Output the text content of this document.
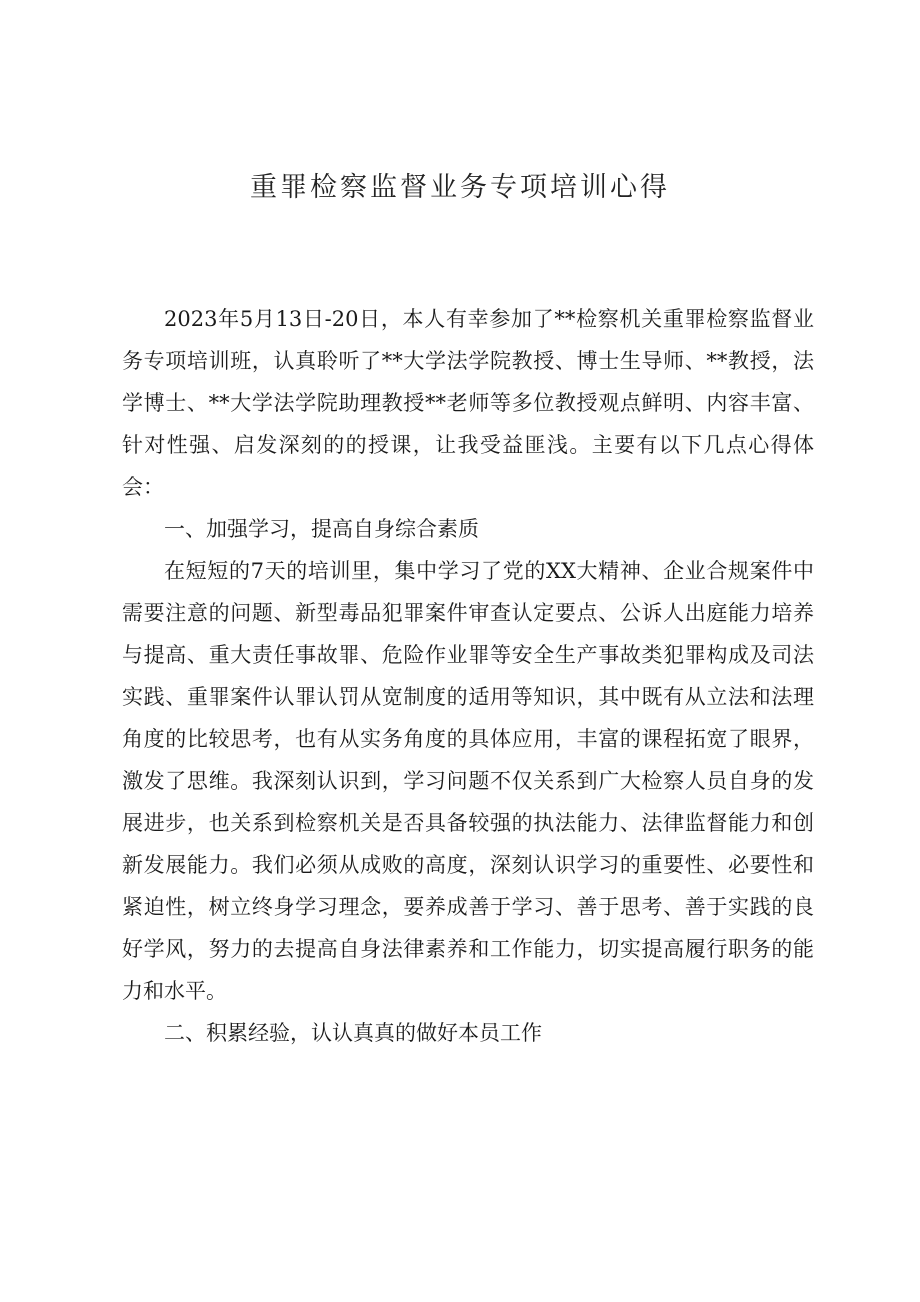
重罪检察监督业务专项培训心得

2023年5月13日-20日，本人有幸参加了**检察机关重罪检察监督业务专项培训班，认真聆听了**大学法学院教授、博士生导师、**教授，法学博士、**大学法学院助理教授**老师等多位教授观点鲜明、内容丰富、针对性强、启发深刻的的授课，让我受益匪浅。主要有以下几点心得体会：

一、加强学习，提高自身综合素质

在短短的7天的培训里，集中学习了党的XX大精神、企业合规案件中需要注意的问题、新型毒品犯罪案件审查认定要点、公诉人出庭能力培养与提高、重大责任事故罪、危险作业罪等安全生产事故类犯罪构成及司法实践、重罪案件认罪认罚从宽制度的适用等知识，其中既有从立法和法理角度的比较思考，也有从实务角度的具体应用，丰富的课程拓宽了眼界，激发了思维。我深刻认识到，学习问题不仅关系到广大检察人员自身的发展进步，也关系到检察机关是否具备较强的执法能力、法律监督能力和创新发展能力。我们必须从成败的高度，深刻认识学习的重要性、必要性和紧迫性，树立终身学习理念，要养成善于学习、善于思考、善于实践的良好学风，努力的去提高自身法律素养和工作能力，切实提高履行职务的能力和水平。

二、积累经验，认认真真的做好本员工作
